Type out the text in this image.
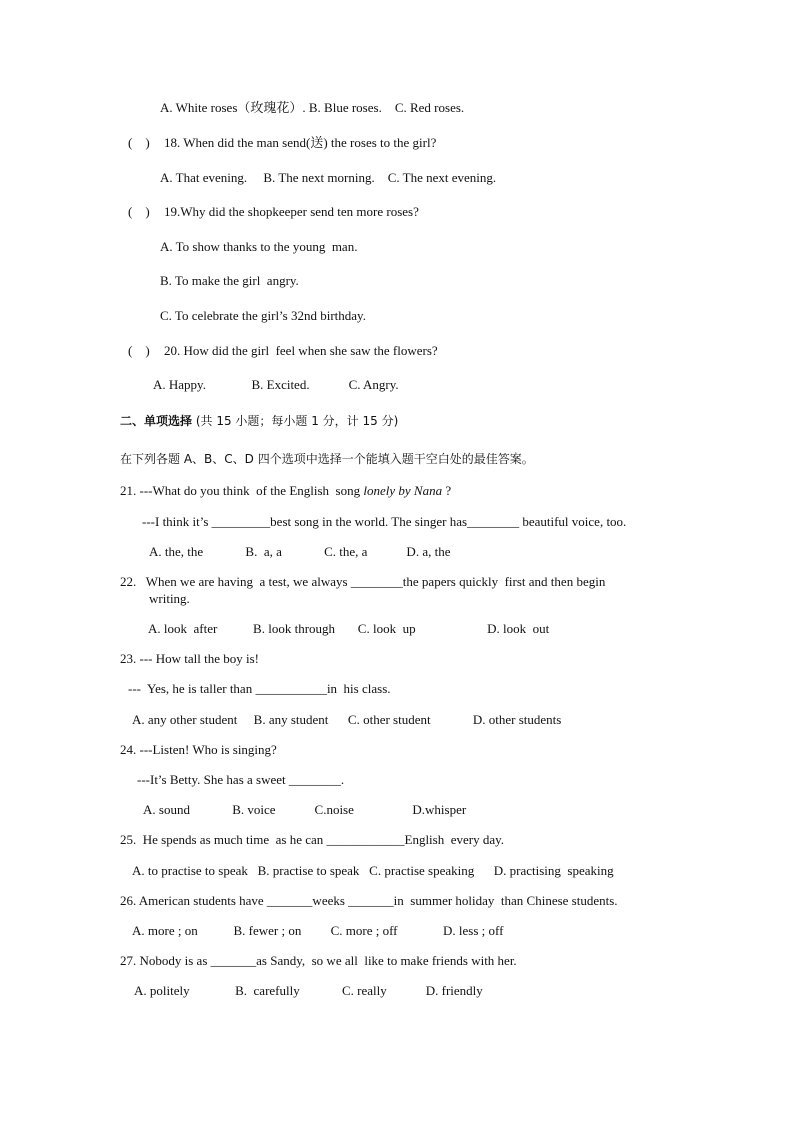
A. White roses（玫瑰花）. B. Blue roses.    C. Red roses.
(    ) 18. When did the man send(送) the roses to the girl?
A. That evening.     B. The next morning.    C. The next evening.
(    ) 19.Why did the shopkeeper send ten more roses?
A. To show thanks to the young  man.
B. To make the girl  angry.
C. To celebrate the girl’s 32nd birthday.
(    ) 20. How did the girl  feel when she saw the flowers?
A. Happy.              B. Excited.            C. Angry.
二、单项选择 (共 15 小题；每小题 1 分，计 15 分)
在下列各题 A、B、C、D 四个选项中选择一个能填入题干空白处的最佳答案。
21. ---What do you think  of the English  song lonely by Nana ?
---I think it’s _________best song in the world. The singer has________ beautiful voice, too.
A. the, the             B.  a, a             C. the, a            D. a, the
22.   When we are having  a test, we always ________the papers quickly  first and then begin
writing.
A. look  after           B. look through       C. look  up                      D. look  out
23. --- How tall the boy is!
---  Yes, he is taller than ___________in  his class.
A. any other student     B. any student      C. other student             D. other students
24. ---Listen! Who is singing?
---It’s Betty. She has a sweet ________.
A. sound             B. voice            C.noise                  D.whisper
25.  He spends as much time  as he can ____________English  every day.
A. to practise to speak   B. practise to speak   C. practise speaking      D. practising  speaking
26. American students have _______weeks _______in  summer holiday  than Chinese students.
A. more ; on           B. fewer ; on         C. more ; off              D. less ; off
27. Nobody is as _______as Sandy,  so we all  like to make friends with her.
A. politely              B.  carefully             C. really            D. friendly
